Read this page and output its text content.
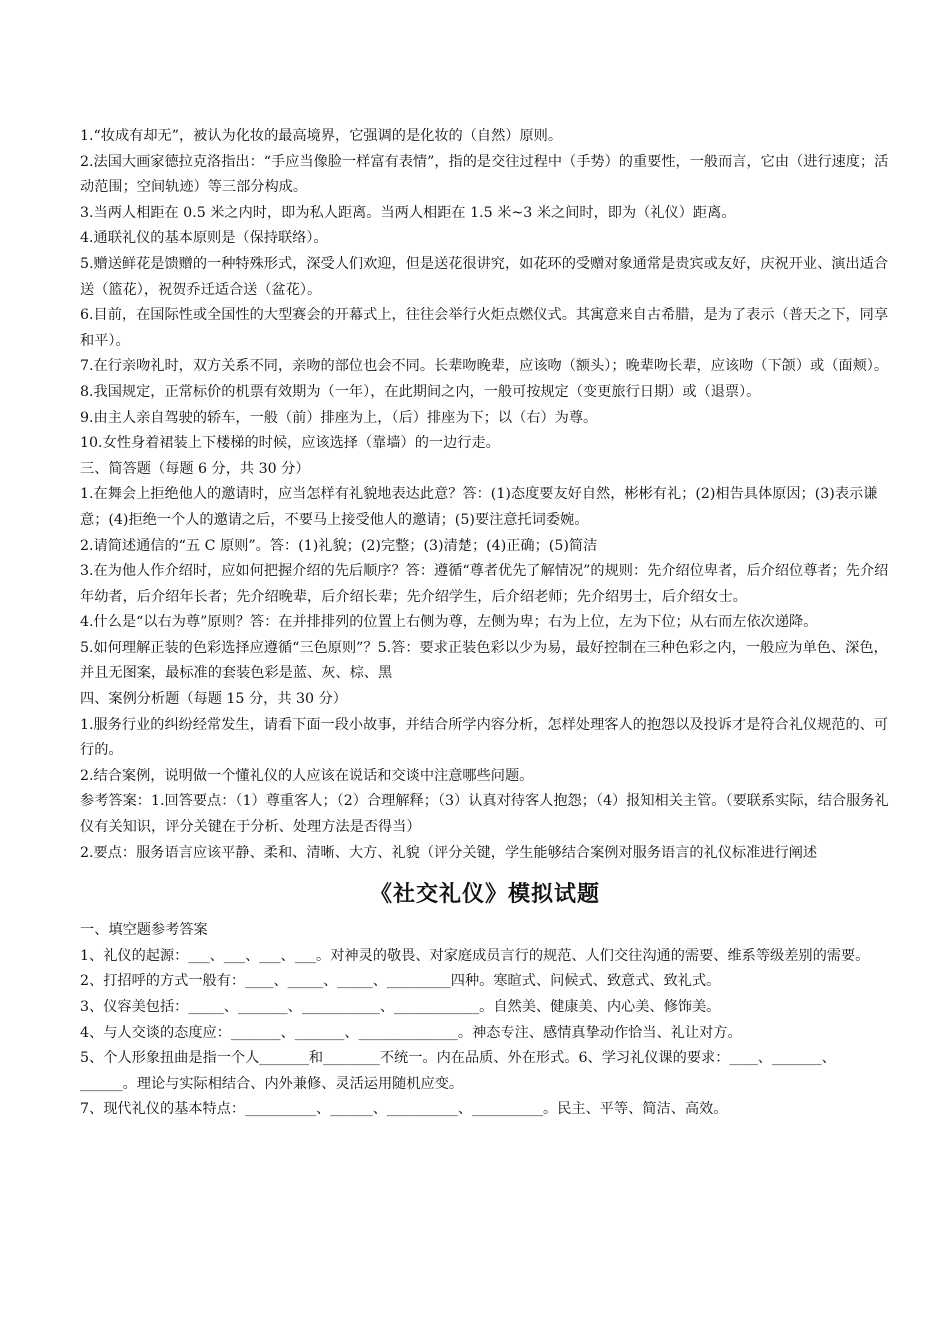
1.“妆成有却无”，被认为化妆的最高境界，它强调的是化妆的（自然）原则。

2.法国大画家德拉克洛指出：“手应当像脸一样富有表情”，指的是交往过程中（手势）的重要性，一般而言，它由（进行速度；活动范围；空间轨迹）等三部分构成。

3.当两人相距在 0.5 米之内时，即为私人距离。当两人相距在 1.5 米~3 米之间时，即为（礼仪）距离。

4.通联礼仪的基本原则是（保持联络）。

5.赠送鲜花是馈赠的一种特殊形式，深受人们欢迎，但是送花很讲究，如花环的受赠对象通常是贵宾或友好，庆祝开业、演出适合送（篮花），祝贺乔迁适合送（盆花）。

6.目前，在国际性或全国性的大型赛会的开幕式上，往往会举行火炬点燃仪式。其寓意来自古希腊，是为了表示（普天之下，同享和平）。

7.在行亲吻礼时，双方关系不同，亲吻的部位也会不同。长辈吻晚辈，应该吻（额头）；晚辈吻长辈，应该吻（下颌）或（面颊）。

8.我国规定，正常标价的机票有效期为（一年），在此期间之内，一般可按规定（变更旅行日期）或（退票）。

9.由主人亲自驾驶的轿车，一般（前）排座为上，（后）排座为下；以（右）为尊。

10.女性身着裙装上下楼梯的时候，应该选择（靠墙）的一边行走。

三、简答题（每题 6 分，共 30 分）

1.在舞会上拒绝他人的邀请时，应当怎样有礼貌地表达此意？答：(1)态度要友好自然，彬彬有礼；(2)相告具体原因；(3)表示谦意；(4)拒绝一个人的邀请之后，不要马上接受他人的邀请；(5)要注意托词委婉。

2.请简述通信的“五 C 原则”。答：(1)礼貌；(2)完整；(3)清楚；(4)正确；(5)简洁

3.在为他人作介绍时，应如何把握介绍的先后顺序？答：遵循“尊者优先了解情况”的规则：先介绍位卑者，后介绍位尊者；先介绍年幼者，后介绍年长者；先介绍晚辈，后介绍长辈；先介绍学生，后介绍老师；先介绍男士，后介绍女士。

4.什么是“以右为尊”原则？答：在并排排列的位置上右侧为尊，左侧为卑；右为上位，左为下位；从右而左依次递降。

5.如何理解正装的色彩选择应遵循“三色原则”？5.答：要求正装色彩以少为易，最好控制在三种色彩之内，一般应为单色、深色，并且无图案，最标准的套装色彩是蓝、灰、棕、黑

四、案例分析题（每题 15 分，共 30 分）

1.服务行业的纠纷经常发生，请看下面一段小故事，并结合所学内容分析，怎样处理客人的抱怨以及投诉才是符合礼仪规范的、可行的。

2.结合案例，说明做一个懂礼仪的人应该在说话和交谈中注意哪些问题。

参考答案：1.回答要点：（1）尊重客人；（2）合理解释；（3）认真对待客人抱怨；（4）报知相关主管。（要联系实际，结合服务礼仪有关知识，评分关键在于分析、处理方法是否得当）

2.要点：服务语言应该平静、柔和、清晰、大方、礼貌（评分关键，学生能够结合案例对服务语言的礼仪标准进行阐述

《社交礼仪》模拟试题

一、填空题参考答案

1、礼仪的起源：___、___、___、___。对神灵的敬畏、对家庭成员言行的规范、人们交往沟通的需要、维系等级差别的需要。

2、打招呼的方式一般有：____、_____、_____、_________四种。寒暄式、问候式、致意式、致礼式。

3、仪容美包括：_____、_______、___________、____________。自然美、健康美、内心美、修饰美。

4、与人交谈的态度应：_______、_______、______________。神态专注、感情真挚动作恰当、礼让对方。

5、个人形象扭曲是指一个人_______和________不统一。内在品质、外在形式。6、学习礼仪课的要求：____、_______、______。理论与实际相结合、内外兼修、灵活运用随机应变。

7、现代礼仪的基本特点：__________、______、__________、__________。民主、平等、简洁、高效。
